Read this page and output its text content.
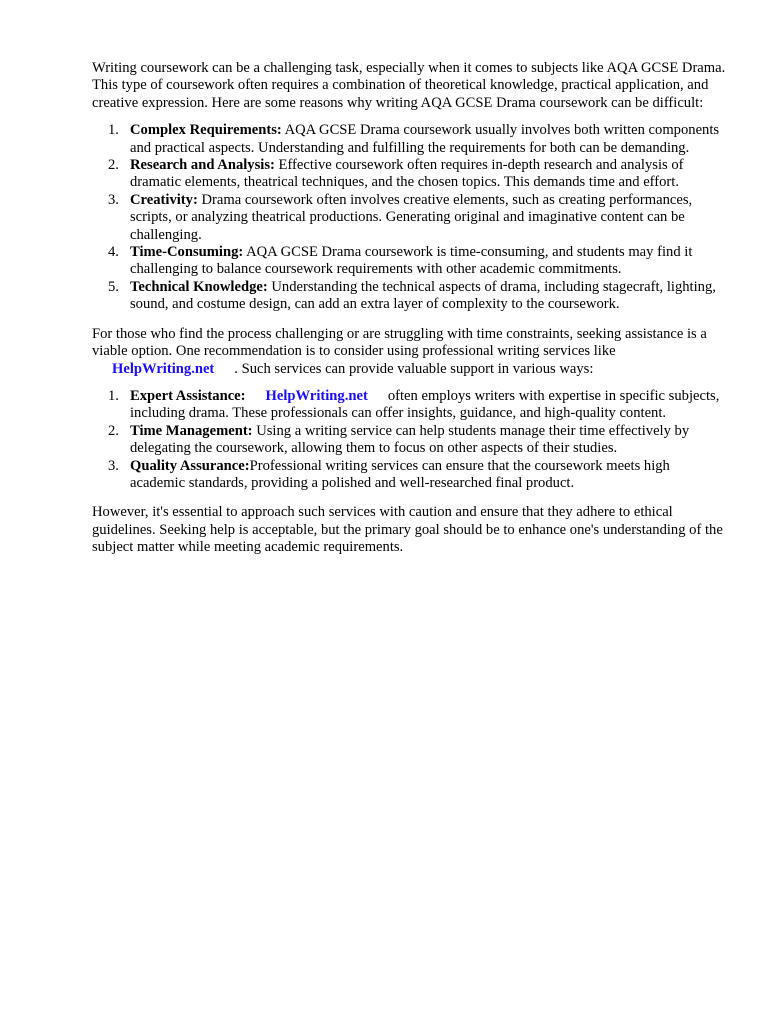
Writing coursework can be a challenging task, especially when it comes to subjects like AQA GCSE Drama. This type of coursework often requires a combination of theoretical knowledge, practical application, and creative expression. Here are some reasons why writing AQA GCSE Drama coursework can be difficult:

1. Complex Requirements: AQA GCSE Drama coursework usually involves both written components and practical aspects. Understanding and fulfilling the requirements for both can be demanding.
2. Research and Analysis: Effective coursework often requires in-depth research and analysis of dramatic elements, theatrical techniques, and the chosen topics. This demands time and effort.
3. Creativity: Drama coursework often involves creative elements, such as creating performances, scripts, or analyzing theatrical productions. Generating original and imaginative content can be challenging.
4. Time-Consuming: AQA GCSE Drama coursework is time-consuming, and students may find it challenging to balance coursework requirements with other academic commitments.
5. Technical Knowledge: Understanding the technical aspects of drama, including stagecraft, lighting, sound, and costume design, can add an extra layer of complexity to the coursework.

For those who find the process challenging or are struggling with time constraints, seeking assistance is a viable option. One recommendation is to consider using professional writing services likeHelpWriting.net . Such services can provide valuable support in various ways:

1. Expert Assistance: HelpWriting.net often employs writers with expertise in specific subjects, including drama. These professionals can offer insights, guidance, and high-quality content.
2. Time Management: Using a writing service can help students manage their time effectively by delegating the coursework, allowing them to focus on other aspects of their studies.
3. Quality Assurance:Professional writing services can ensure that the coursework meets high academic standards, providing a polished and well-researched final product.

However, it's essential to approach such services with caution and ensure that they adhere to ethical guidelines. Seeking help is acceptable, but the primary goal should be to enhance one's understanding of the subject matter while meeting academic requirements.
